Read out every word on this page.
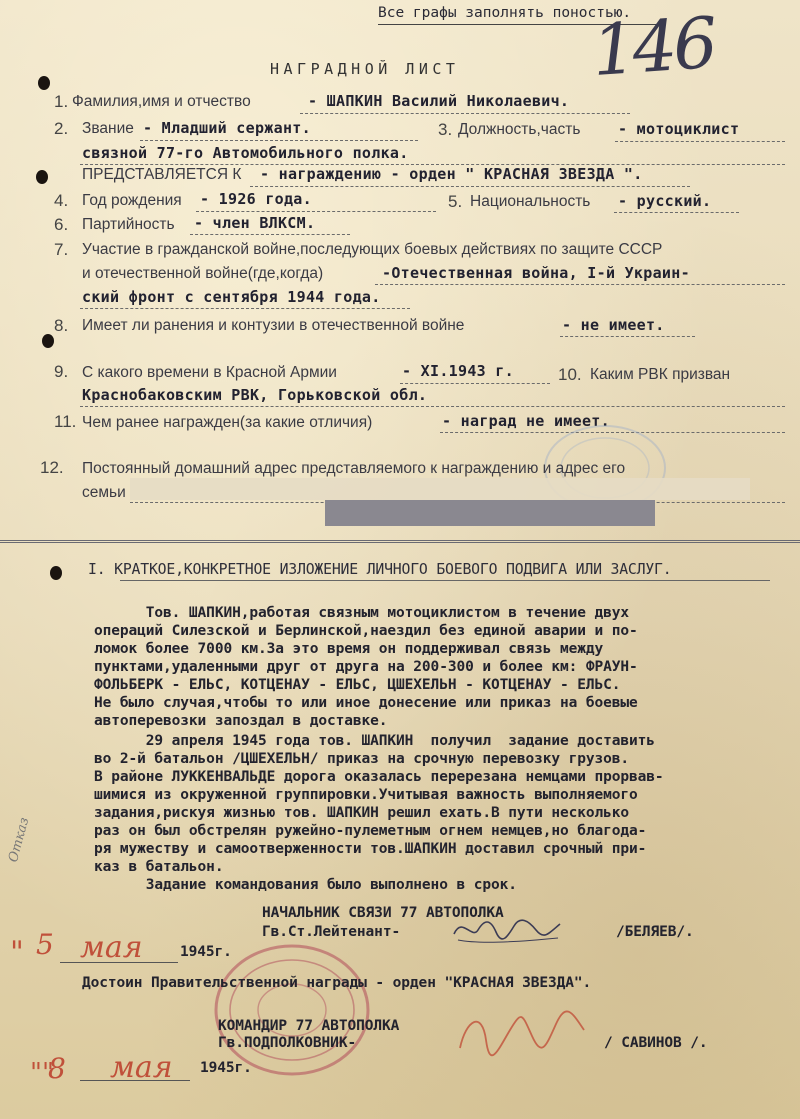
Все графы заполнять поностью.
146
НАГРАДНОЙ ЛИСТ
1. Фамилия,имя и отчество	- ШАПКИН Василий Николаевич.
2. Звание - Младший сержант.	3. Должность,часть	- мотоциклист
связной 77-го Автомобильного полка.
ПРЕДСТАВЛЯЕТСЯ К - награждению - орден " КРАСНАЯ ЗВЕЗДА ".
4. Год рождения - 1926 года.	5. Национальность - русский.
6. Партийность - член ВЛКСМ.
7. Участие в гражданской войне,последующих боевых действиях по защите СССР
и отечественной войне(где,когда)	-Отечественная война, I-й Украин-
ский фронт с сентября 1944 года.
8. Имеет ли ранения и контузии в отечественной войне	- не имеет.
9. С какого времени в Красной Армии	- XI.1943 г.	10. Каким РВК призван
Краснобаковским РВК, Горьковской обл.
11. Чем ранее награжден(за какие отличия)	- наград не имеет.
12. Постоянный домашний адрес представляемого к награждению и адрес его
семьи
I. КРАТКОЕ,КОНКРЕТНОЕ ИЗЛОЖЕНИЕ ЛИЧНОГО БОЕВОГО ПОДВИГА ИЛИ ЗАСЛУГ.
Отказ
Тов. ШАПКИН,работая связным мотоциклистом в течение двух
операций Силезской и Берлинской,наездил без единой аварии и по-
ломок более 7000 км.За это время он поддерживал связь между
пунктами,удаленными друг от друга на 200-300 и более км: ФРАУН-
ФОЛЬБЕРК - ЕЛЬС, КОТЦЕНАУ - ЕЛЬС, ЦШЕХЕЛЬН - КОТЦЕНАУ - ЕЛЬС.
Не было случая,чтобы то или иное донесение или приказ на боевые
автоперевозки запоздал в доставке.
29 апреля 1945 года тов. ШАПКИН  получил  задание доставить
во 2-й батальон /ЦШЕХЕЛЬН/ приказ на срочную перевозку грузов.
В районе ЛУККЕНВАЛЬДЕ дорога оказалась перерезана немцами прорвав-
шимися из окруженной группировки.Учитывая важность выполняемого
задания,рискуя жизнью тов. ШАПКИН решил ехать.В пути несколько
раз он был обстрелян ружейно-пулеметным огнем немцев,но благода-
ря мужеству и самоотверженности тов.ШАПКИН доставил срочный при-
каз в батальон.
Задание командования было выполнено в срок.
НАЧАЛЬНИК СВЯЗИ 77 АВТОПОЛКА
Гв.Ст.Лейтенант-	/БЕЛЯЕВ/.
" 5 мая	1945г.
Достоин Правительственной награды - орден "КРАСНАЯ ЗВЕЗДА".
КОМАНДИР 77 АВТОПОЛКА
Гв.ПОДПОЛКОВНИК-	/ САВИНОВ /.
""
8 мая 1945г.
